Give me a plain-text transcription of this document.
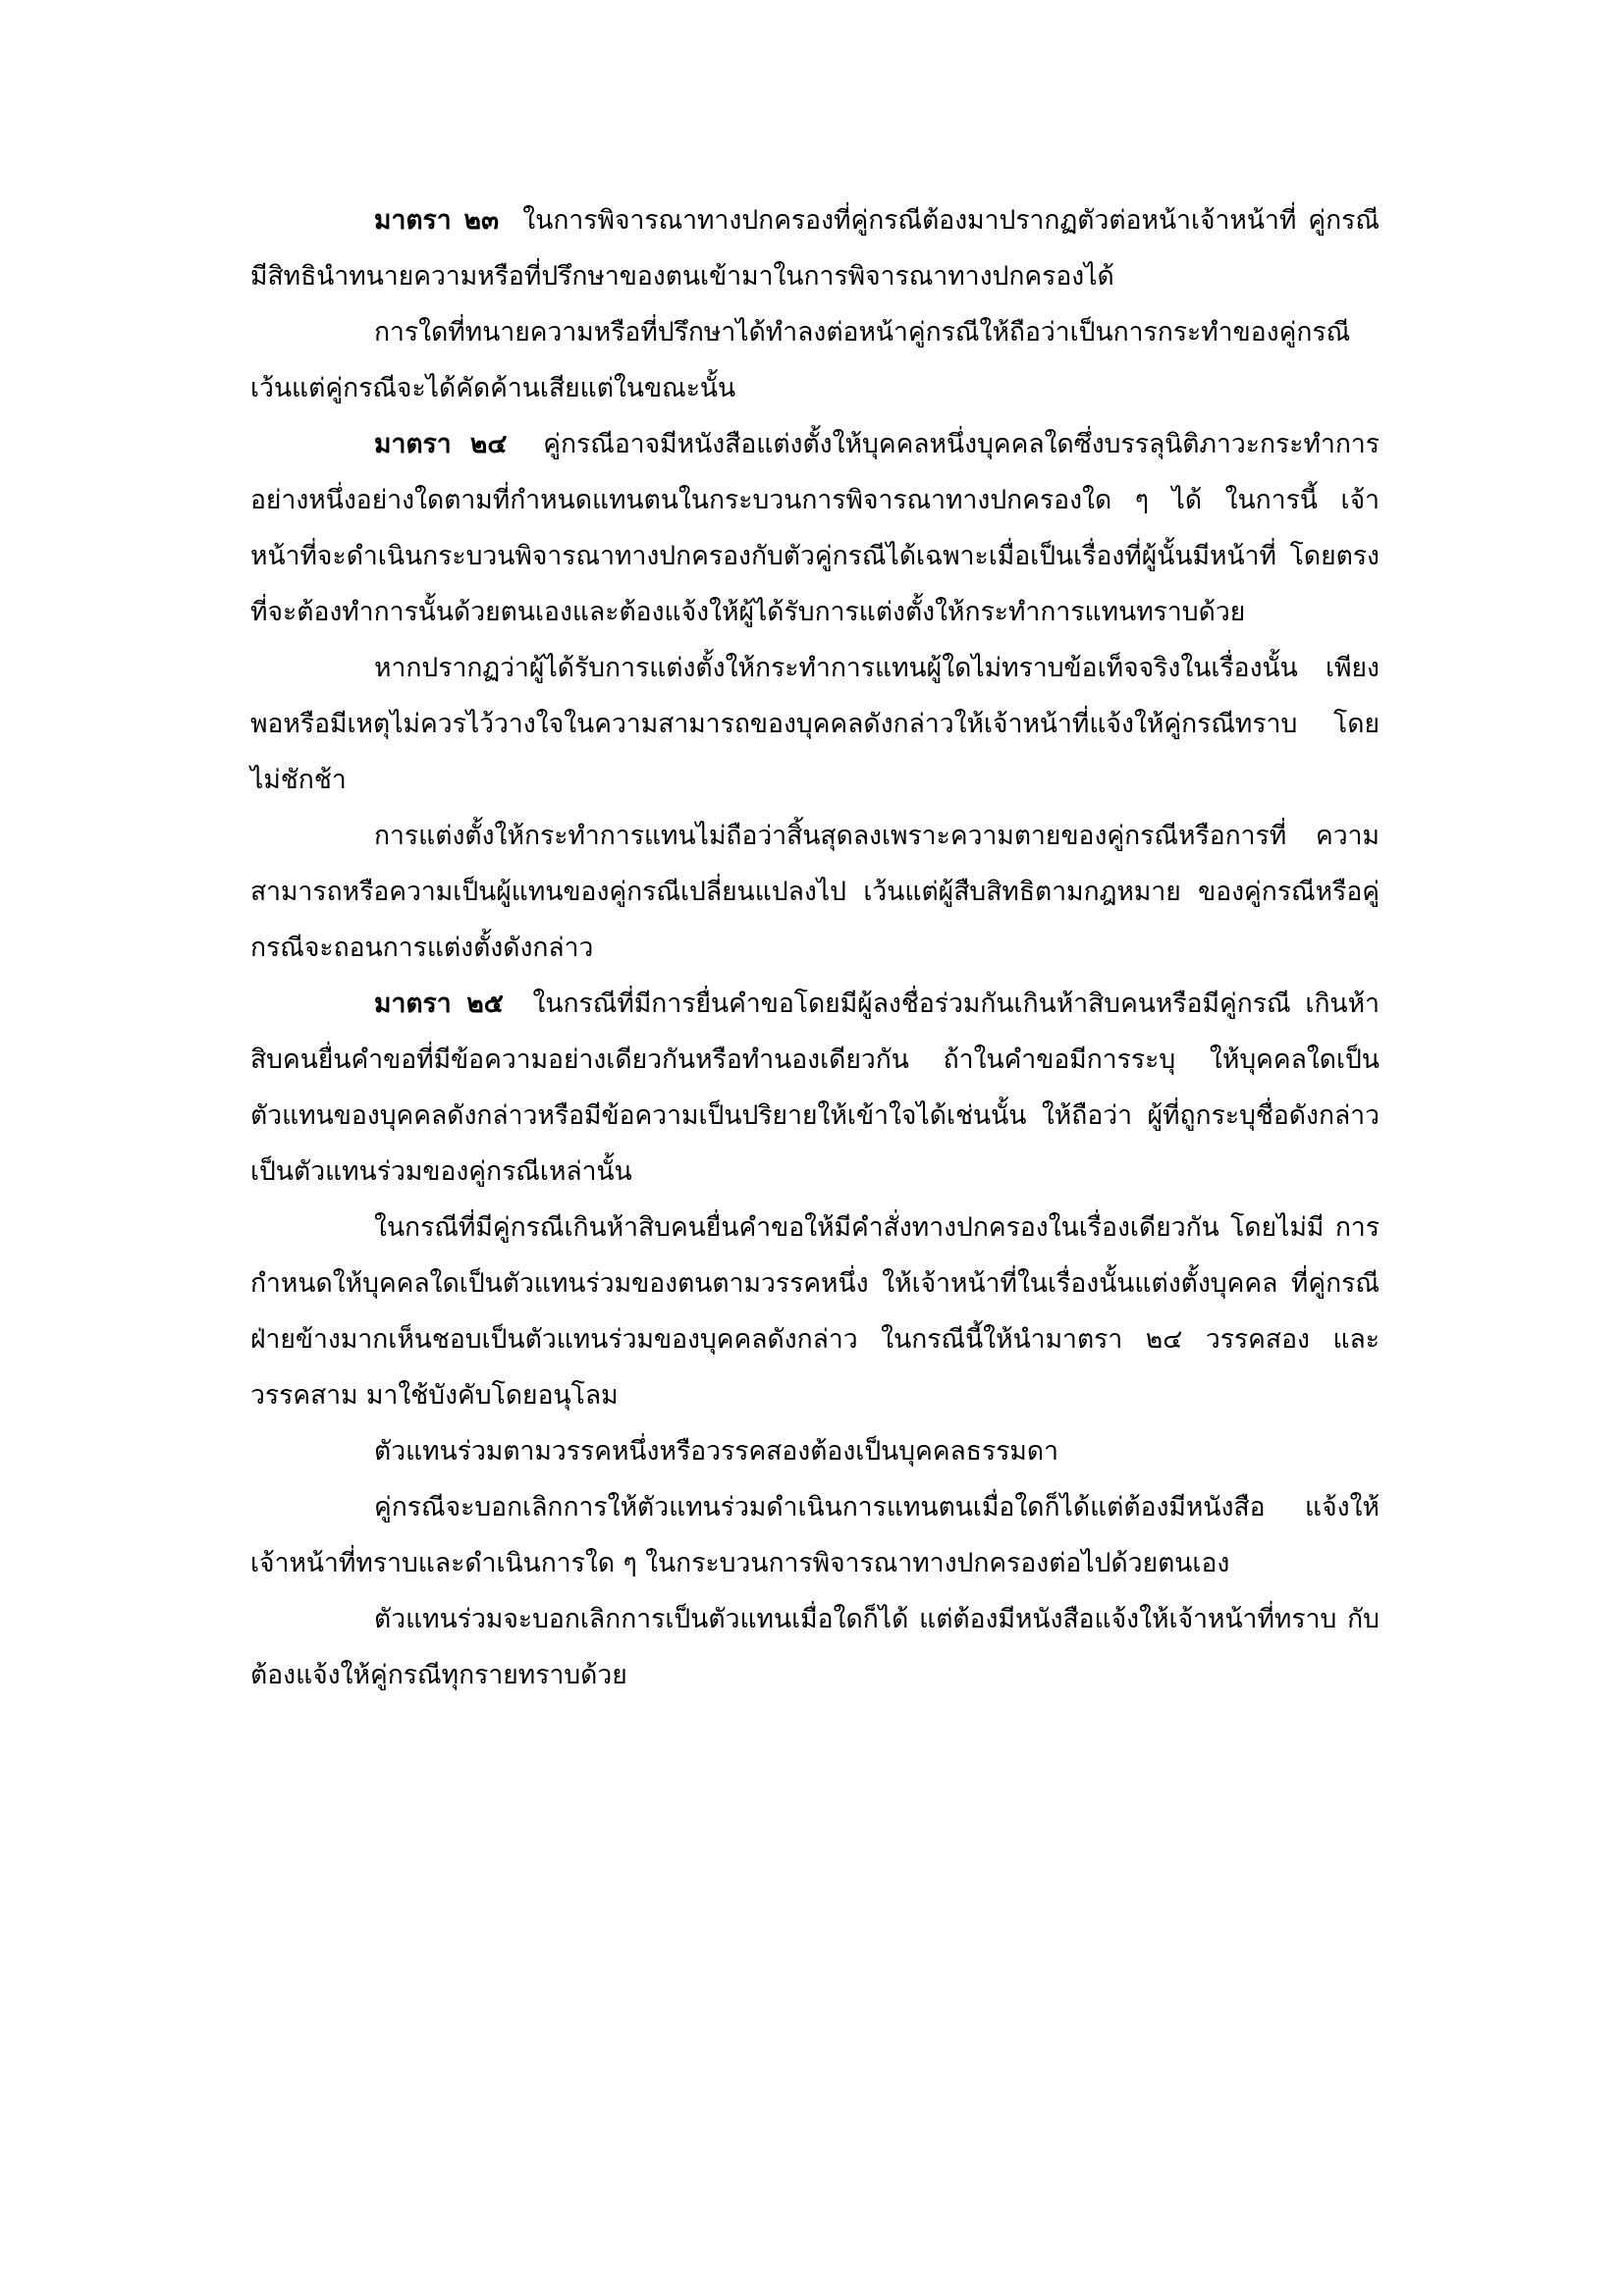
มาตรา ๒๓ ในการพิจารณาทางปกครองที่คู่กรณีต้องมาปรากฏตัวต่อหน้าเจ้าหน้าที่ คู่กรณีมีสิทธินำทนายความหรือที่ปรึกษาของตนเข้ามาในการพิจารณาทางปกครองได้

การใดที่ทนายความหรือที่ปรึกษาได้ทำลงต่อหน้าคู่กรณีให้ถือว่าเป็นการกระทำของคู่กรณี เว้นแต่คู่กรณีจะได้คัดค้านเสียแต่ในขณะนั้น

มาตรา ๒๔ คู่กรณีอาจมีหนังสือแต่งตั้งให้บุคคลหนึ่งบุคคลใดซึ่งบรรลุนิติภาวะกระทำการ อย่างหนึ่งอย่างใดตามที่กำหนดแทนตนในกระบวนการพิจารณาทางปกครองใด ๆ ได้ ในการนี้ เจ้าหน้าที่จะดำเนินกระบวนพิจารณาทางปกครองกับตัวคู่กรณีได้เฉพาะเมื่อเป็นเรื่องที่ผู้นั้นมีหน้าที่ โดยตรงที่จะต้องทำการนั้นด้วยตนเองและต้องแจ้งให้ผู้ได้รับการแต่งตั้งให้กระทำการแทนทราบด้วย

หากปรากฏว่าผู้ได้รับการแต่งตั้งให้กระทำการแทนผู้ใดไม่ทราบข้อเท็จจริงในเรื่องนั้น เพียงพอหรือมีเหตุไม่ควรไว้วางใจในความสามารถของบุคคลดังกล่าวให้เจ้าหน้าที่แจ้งให้คู่กรณีทราบ โดยไม่ชักช้า

การแต่งตั้งให้กระทำการแทนไม่ถือว่าสิ้นสุดลงเพราะความตายของคู่กรณีหรือการที่ ความสามารถหรือความเป็นผู้แทนของคู่กรณีเปลี่ยนแปลงไป เว้นแต่ผู้สืบสิทธิตามกฎหมาย ของคู่กรณีหรือคู่กรณีจะถอนการแต่งตั้งดังกล่าว

มาตรา ๒๕ ในกรณีที่มีการยื่นคำขอโดยมีผู้ลงชื่อร่วมกันเกินห้าสิบคนหรือมีคู่กรณี เกินห้าสิบคนยื่นคำขอที่มีข้อความอย่างเดียวกันหรือทำนองเดียวกัน ถ้าในคำขอมีการระบุ ให้บุคคลใดเป็นตัวแทนของบุคคลดังกล่าวหรือมีข้อความเป็นปริยายให้เข้าใจได้เช่นนั้น ให้ถือว่า ผู้ที่ถูกระบุชื่อดังกล่าวเป็นตัวแทนร่วมของคู่กรณีเหล่านั้น

ในกรณีที่มีคู่กรณีเกินห้าสิบคนยื่นคำขอให้มีคำสั่งทางปกครองในเรื่องเดียวกัน โดยไม่มี การกำหนดให้บุคคลใดเป็นตัวแทนร่วมของตนตามวรรคหนึ่ง ให้เจ้าหน้าที่ในเรื่องนั้นแต่งตั้งบุคคล ที่คู่กรณีฝ่ายข้างมากเห็นชอบเป็นตัวแทนร่วมของบุคคลดังกล่าว ในกรณีนี้ให้นำมาตรา ๒๔ วรรคสอง และวรรคสาม มาใช้บังคับโดยอนุโลม

ตัวแทนร่วมตามวรรคหนึ่งหรือวรรคสองต้องเป็นบุคคลธรรมดา

คู่กรณีจะบอกเลิกการให้ตัวแทนร่วมดำเนินการแทนตนเมื่อใดก็ได้แต่ต้องมีหนังสือ แจ้งให้เจ้าหน้าที่ทราบและดำเนินการใด ๆ ในกระบวนการพิจารณาทางปกครองต่อไปด้วยตนเอง

ตัวแทนร่วมจะบอกเลิกการเป็นตัวแทนเมื่อใดก็ได้ แต่ต้องมีหนังสือแจ้งให้เจ้าหน้าที่ทราบ กับต้องแจ้งให้คู่กรณีทุกรายทราบด้วย
